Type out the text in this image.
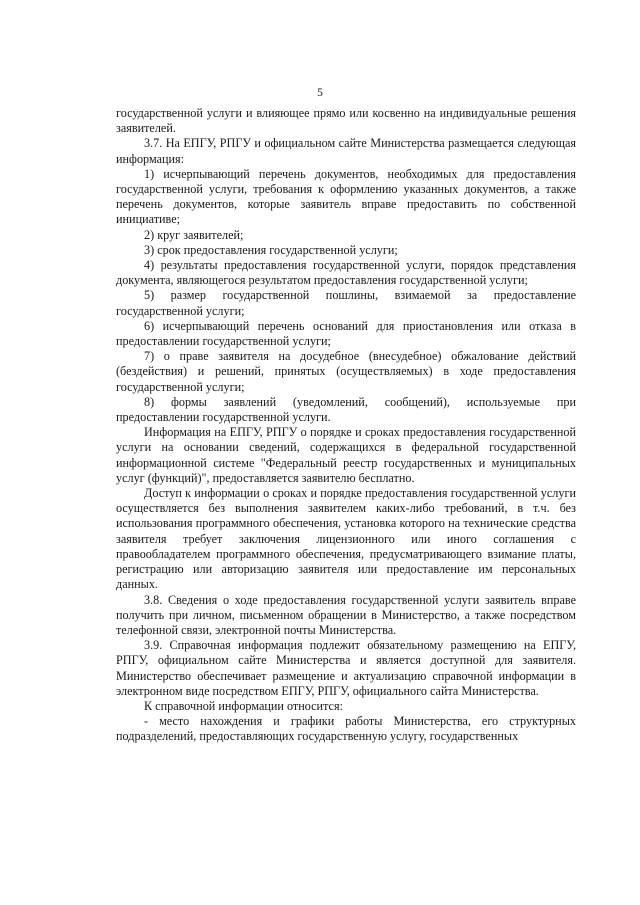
5

государственной услуги и влияющее прямо или косвенно на индивидуальные решения заявителей.

3.7. На ЕПГУ, РПГУ и официальном сайте Министерства размещается следующая информация:

1) исчерпывающий перечень документов, необходимых для предоставления государственной услуги, требования к оформлению указанных документов, а также перечень документов, которые заявитель вправе предоставить по собственной инициативе;

2) круг заявителей;

3) срок предоставления государственной услуги;

4) результаты предоставления государственной услуги, порядок представления документа, являющегося результатом предоставления государственной услуги;

5) размер государственной пошлины, взимаемой за предоставление государственной услуги;

6) исчерпывающий перечень оснований для приостановления или отказа в предоставлении государственной услуги;

7) о праве заявителя на досудебное (внесудебное) обжалование действий (бездействия) и решений, принятых (осуществляемых) в ходе предоставления государственной услуги;

8) формы заявлений (уведомлений, сообщений), используемые при предоставлении государственной услуги.

Информация на ЕПГУ, РПГУ о порядке и сроках предоставления государственной услуги на основании сведений, содержащихся в федеральной государственной информационной системе "Федеральный реестр государственных и муниципальных услуг (функций)", предоставляется заявителю бесплатно.

Доступ к информации о сроках и порядке предоставления государственной услуги осуществляется без выполнения заявителем каких-либо требований, в т.ч. без использования программного обеспечения, установка которого на технические средства заявителя требует заключения лицензионного или иного соглашения с правообладателем программного обеспечения, предусматривающего взимание платы, регистрацию или авторизацию заявителя или предоставление им персональных данных.

3.8. Сведения о ходе предоставления государственной услуги заявитель вправе получить при личном, письменном обращении в Министерство, а также посредством телефонной связи, электронной почты Министерства.

3.9. Справочная информация подлежит обязательному размещению на ЕПГУ, РПГУ, официальном сайте Министерства и является доступной для заявителя. Министерство обеспечивает размещение и актуализацию справочной информации в электронном виде посредством ЕПГУ, РПГУ, официального сайта Министерства.

К справочной информации относится:

- место нахождения и графики работы Министерства, его структурных подразделений, предоставляющих государственную услугу, государственных
